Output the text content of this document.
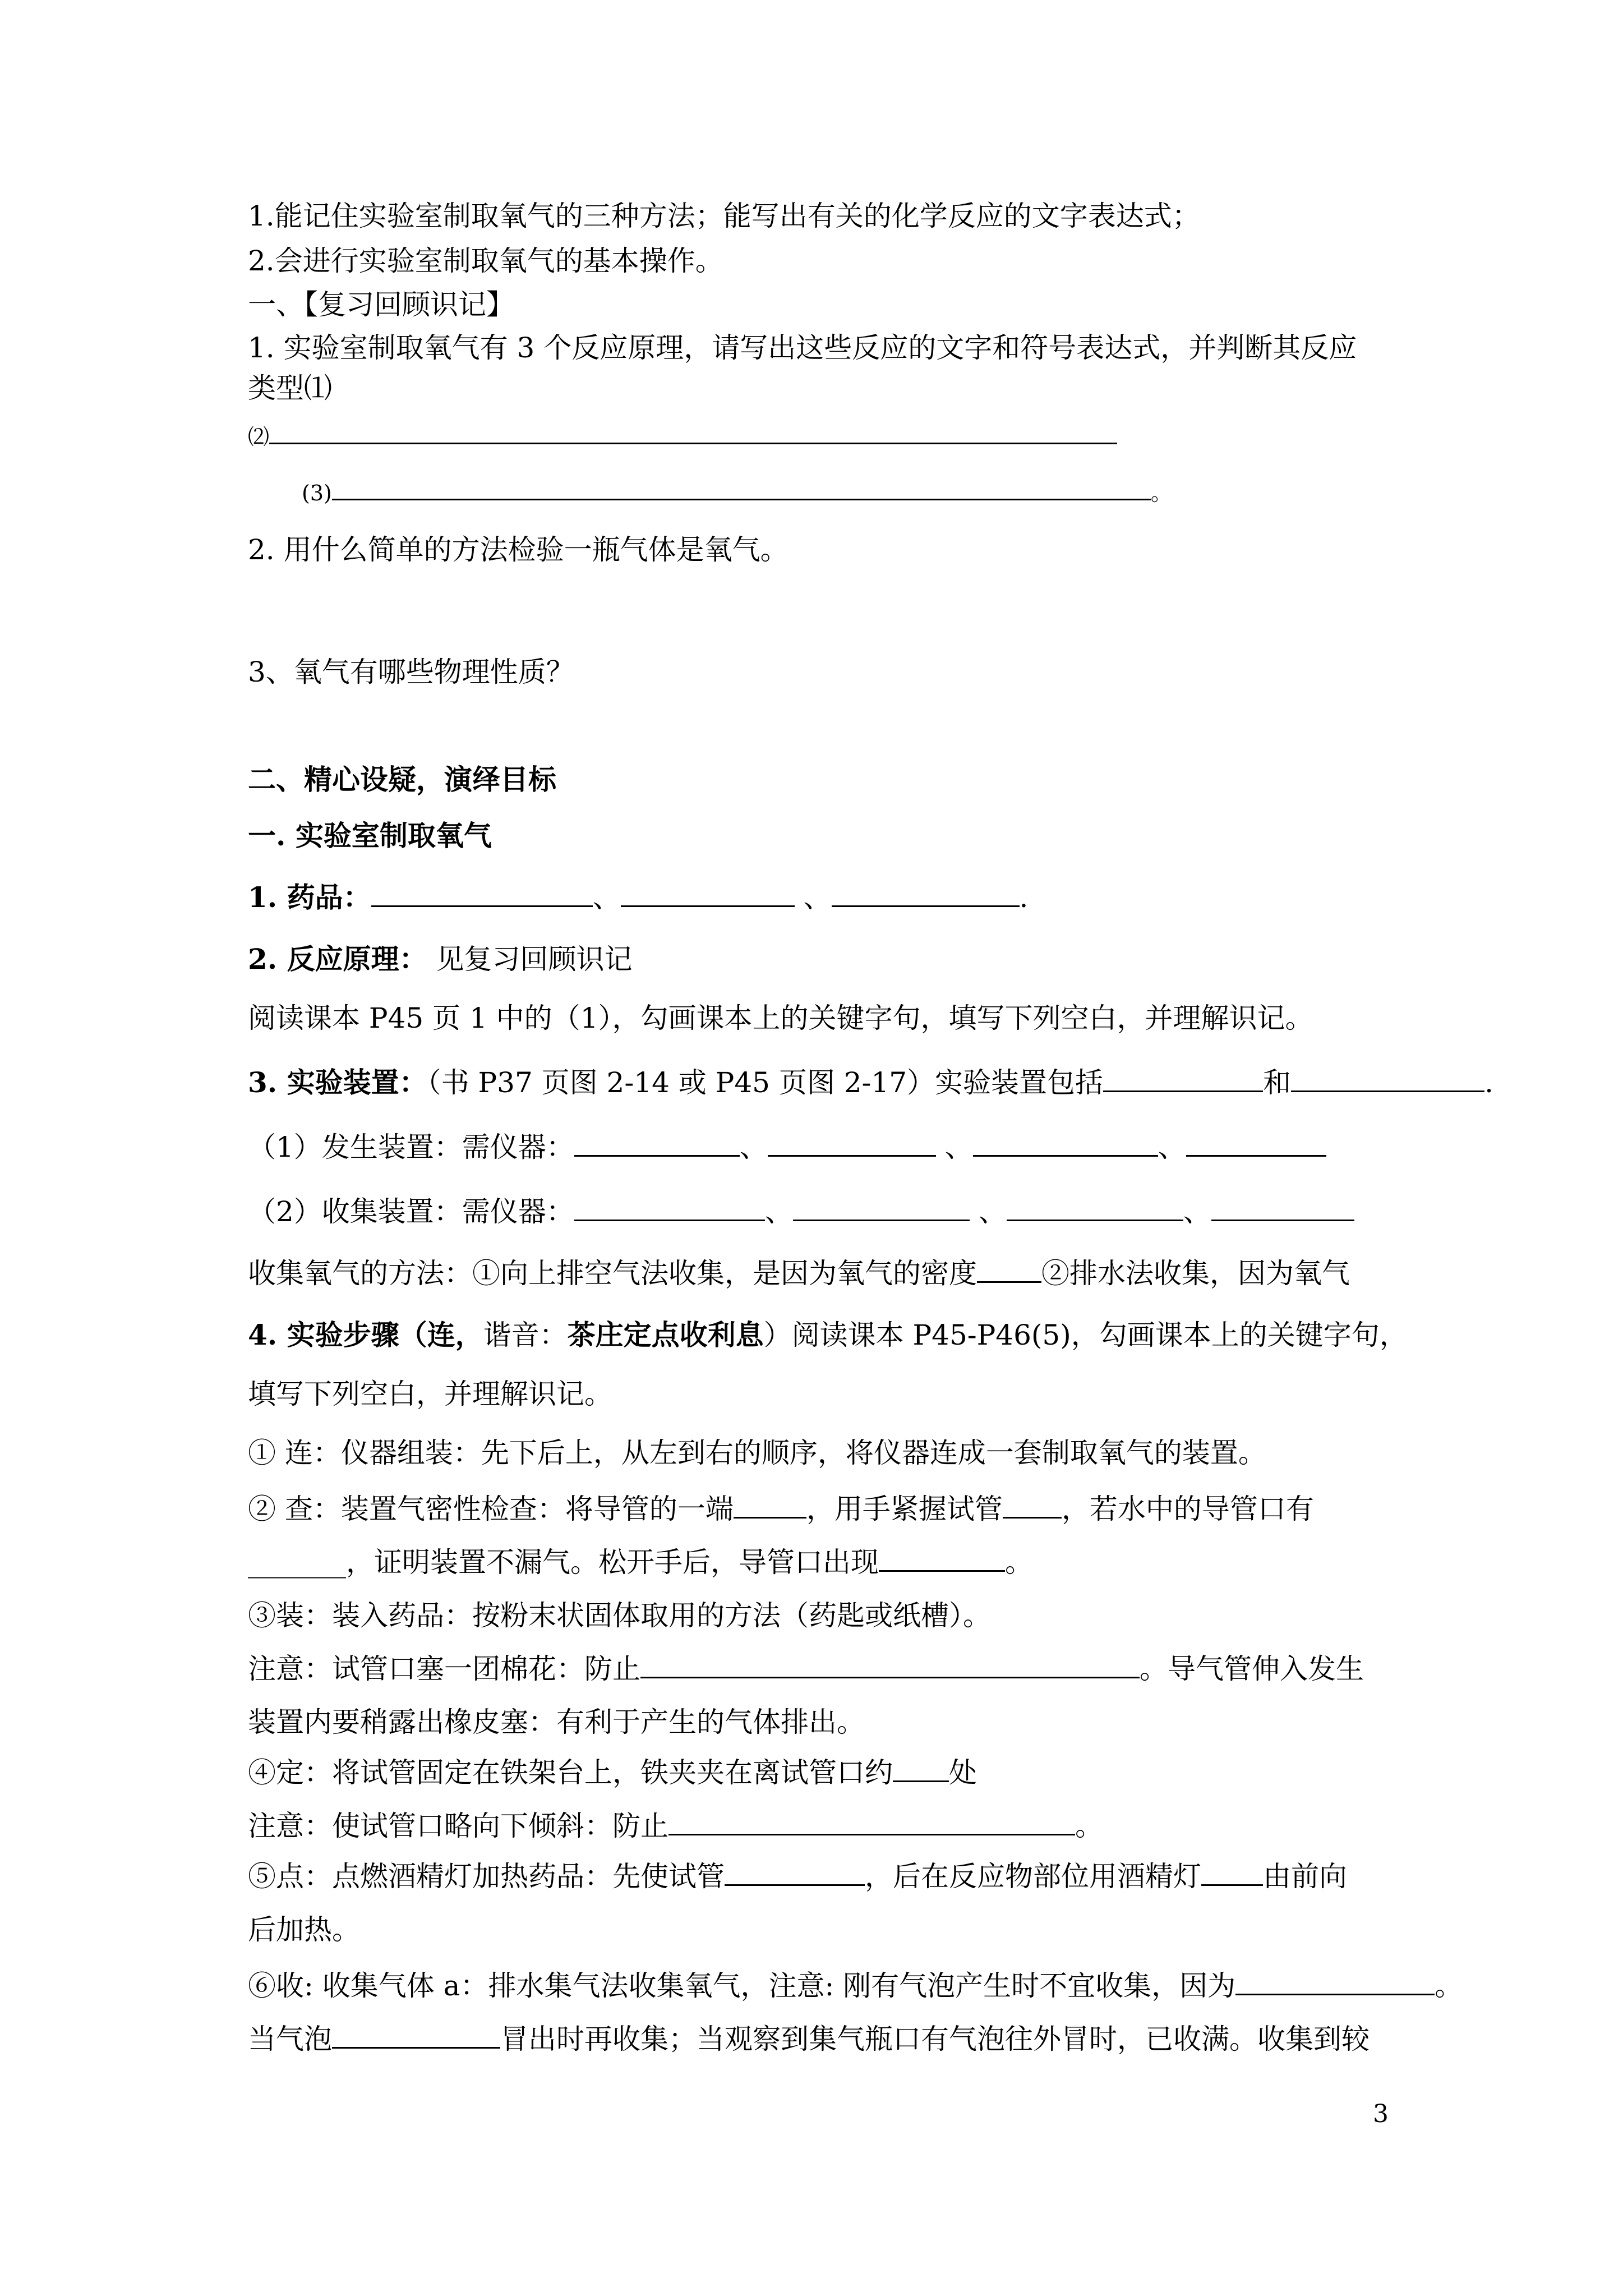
1.能记住实验室制取氧气的三种方法；能写出有关的化学反应的文字表达式；
2.会进行实验室制取氧气的基本操作。
一、【复习回顾识记】
1. 实验室制取氧气有 3 个反应原理，请写出这些反应的文字和符号表达式，并判断其反应
类型⑴
⑵
(3)	。
2. 用什么简单的方法检验一瓶气体是氧气。
3、氧气有哪些物理性质？
二、精心设疑，演绎目标
一. 实验室制取氧气
1. 药品：	、	、	.
2. 反应原理： 见复习回顾识记
阅读课本 P45 页 1 中的（1），勾画课本上的关键字句，填写下列空白，并理解识记。
3. 实验装置：（书 P37 页图 2-14 或 P45 页图 2-17）实验装置包括	和	.
（1）发生装置：需仪器：	、	、	、
（2）收集装置：需仪器：	、	、	、
收集氧气的方法：①向上排空气法收集，是因为氧气的密度 ②排水法收集，因为氧气
4. 实验步骤（连，谐音：茶庄定点收利息）阅读课本 P45-P46(5)，勾画课本上的关键字句，
填写下列空白，并理解识记。
① 连：仪器组装：先下后上，从左到右的顺序，将仪器连成一套制取氧气的装置。
② 查：装置气密性检查：将导管的一端	，用手紧握试管 ，若水中的导管口有
_______，证明装置不漏气。松开手后，导管口出现	。
③装：装入药品：按粉末状固体取用的方法（药匙或纸槽）。
注意：试管口塞一团棉花：防止	。导气管伸入发生
装置内要稍露出橡皮塞：有利于产生的气体排出。
④定：将试管固定在铁架台上，铁夹夹在离试管口约 处
注意：使试管口略向下倾斜：防止	。
⑤点：点燃酒精灯加热药品：先使试管	，后在反应物部位用酒精灯 由前向
后加热。
⑥收: 收集气体 a：排水集气法收集氧气，注意: 刚有气泡产生时不宜收集，因为	。
当气泡	冒出时再收集；当观察到集气瓶口有气泡往外冒时，已收满。收集到较
3
